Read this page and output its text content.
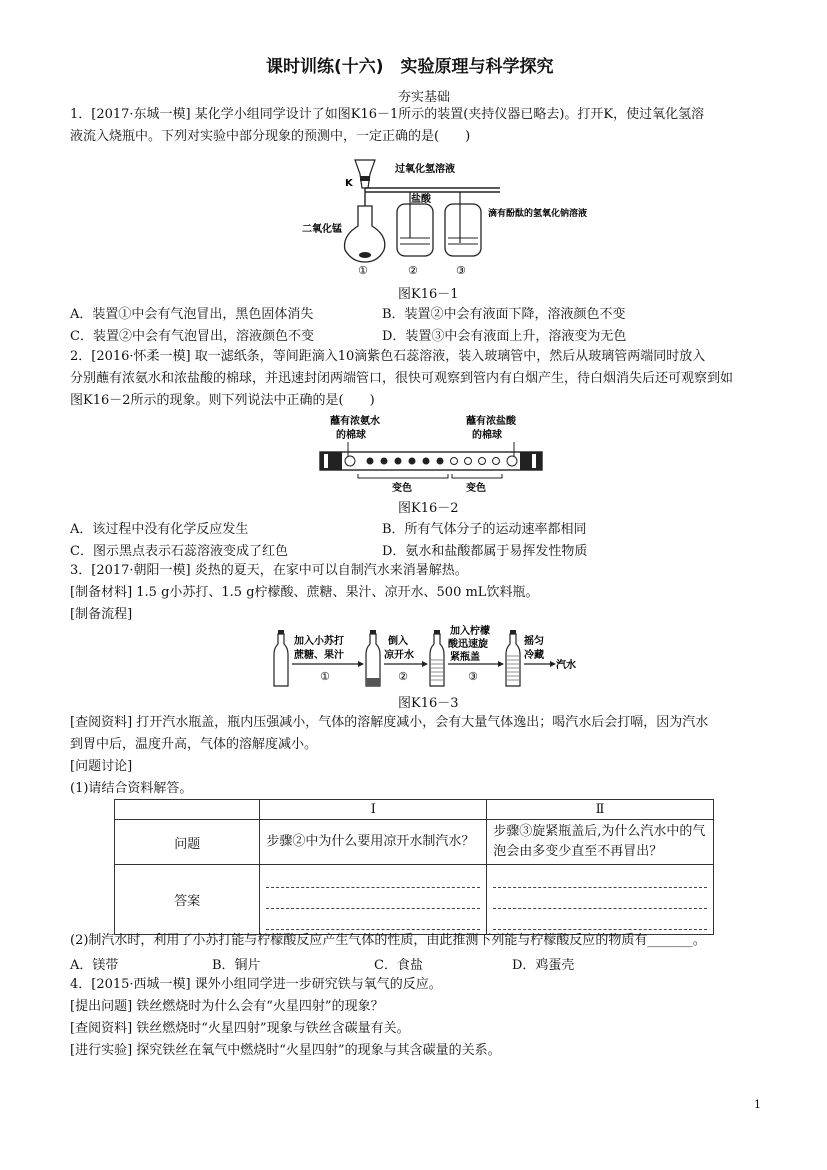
课时训练(十六)　实验原理与科学探究
夯实基础
1．[2017·东城一模] 某化学小组同学设计了如图K16－1所示的装置(夹持仪器已略去)。打开K，使过氧化氢溶
液流入烧瓶中。下列对实验中部分现象的预测中，一定正确的是(　　)
过氧化氢溶液
K
二氧化锰
盐酸
滴有酚酞的氢氧化钠溶液
①	②	③
图K16－1
A．装置①中会有气泡冒出，黑色固体消失	B．装置②中会有液面下降，溶液颜色不变
C．装置②中会有气泡冒出，溶液颜色不变	D．装置③中会有液面上升，溶液变为无色
2．[2016·怀柔一模] 取一滤纸条，等间距滴入10滴紫色石蕊溶液，装入玻璃管中，然后从玻璃管两端同时放入
分别蘸有浓氨水和浓盐酸的棉球，并迅速封闭两端管口，很快可观察到管内有白烟产生，待白烟消失后还可观察到如
图K16－2所示的现象。则下列说法中正确的是(　　)
蘸有浓氨水
的棉球
蘸有浓盐酸
的棉球
变色	变色
图K16－2
A．该过程中没有化学反应发生	B．所有气体分子的运动速率都相同
C．图示黑点表示石蕊溶液变成了红色	D．氨水和盐酸都属于易挥发性物质
3．[2017·朝阳一模] 炎热的夏天，在家中可以自制汽水来消暑解热。
[制备材料] 1.5 g小苏打、1.5 g柠檬酸、蔗糖、果汁、凉开水、500 mL饮料瓶。
[制备流程]
加入小苏打
蔗糖、果汁
①
倒入
凉开水
②
加入柠檬
酸迅速旋
紧瓶盖
③
摇匀
冷藏
汽水
图K16－3
[查阅资料] 打开汽水瓶盖，瓶内压强减小，气体的溶解度减小，会有大量气体逸出；喝汽水后会打嗝，因为汽水
到胃中后，温度升高，气体的溶解度减小。
[问题讨论]
(1)请结合资料解答。
	Ⅰ	Ⅱ
问题	步骤②中为什么要用凉开水制汽水？	步骤③旋紧瓶盖后,为什么汽水中的气泡会由多变少直至不再冒出？
答案	

(2)制汽水时，利用了小苏打能与柠檬酸反应产生气体的性质，由此推测下列能与柠檬酸反应的物质有_______。
A．镁带	B．铜片	C．食盐	D．鸡蛋壳
4．[2015·西城一模] 课外小组同学进一步研究铁与氧气的反应。
[提出问题] 铁丝燃烧时为什么会有“火星四射”的现象？
[查阅资料] 铁丝燃烧时“火星四射”现象与铁丝含碳量有关。
[进行实验] 探究铁丝在氧气中燃烧时“火星四射”的现象与其含碳量的关系。
1
